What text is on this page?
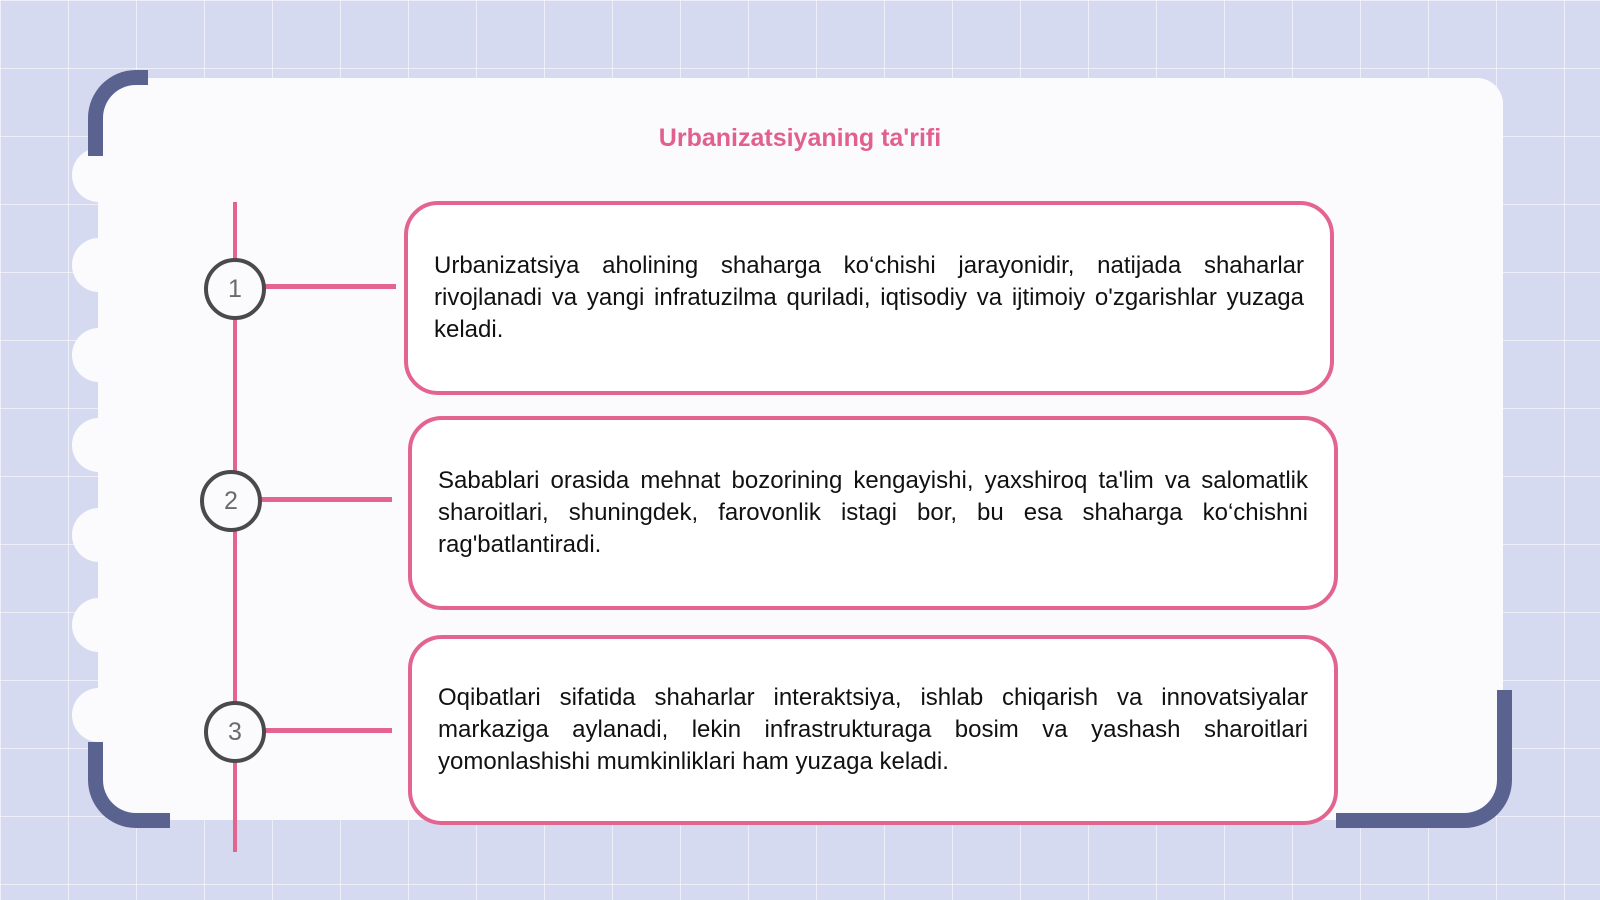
Urbanizatsiyaning ta'rifi
1

Urbanizatsiya aholining shaharga ko‘chishi jarayonidir, natijada shaharlar rivojlanadi va yangi infratuzilma quriladi, iqtisodiy va ijtimoiy o'zgarishlar yuzaga keladi.

2

Sabablari orasida mehnat bozorining kengayishi, yaxshiroq ta'lim va salomatlik sharoitlari, shuningdek, farovonlik istagi bor, bu esa shaharga ko‘chishni rag'batlantiradi.

3

Oqibatlari sifatida shaharlar interaktsiya, ishlab chiqarish va innovatsiyalar markaziga aylanadi, lekin infrastrukturaga bosim va yashash sharoitlari yomonlashishi mumkinliklari ham yuzaga keladi.
